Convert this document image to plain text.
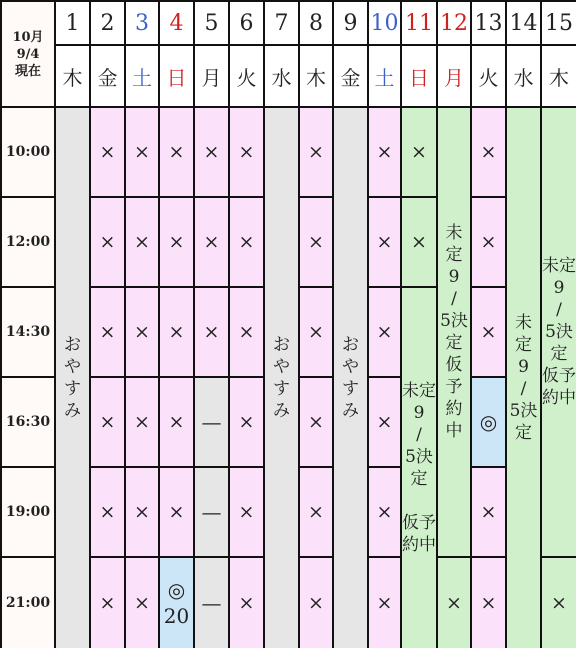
10月
9/4
現在
1
木
2
金
3
土
4
日
5
月
6
火
7
水
8
木
9
金
10
土
11
日
12
月
13
火
14
水
15
木
10:00
12:00
14:30
16:30
19:00
21:00
おやすみ
×
×
×
×
×
×
×
×
×
×
×
×
×
×
×
×
×
◎
20
×
×
×
—
—
—
×
×
×
×
×
×
おやすみ
×
×
×
×
×
×
おやすみ
×
×
×
×
×
×
×
×
未定
9
/
5決定

仮予約中
未定
9
/
5決定
仮予約中
×
×
×
×
◎
×
×
未定
9
/
5決定
未定
9
/
5決定
仮予約中
×
